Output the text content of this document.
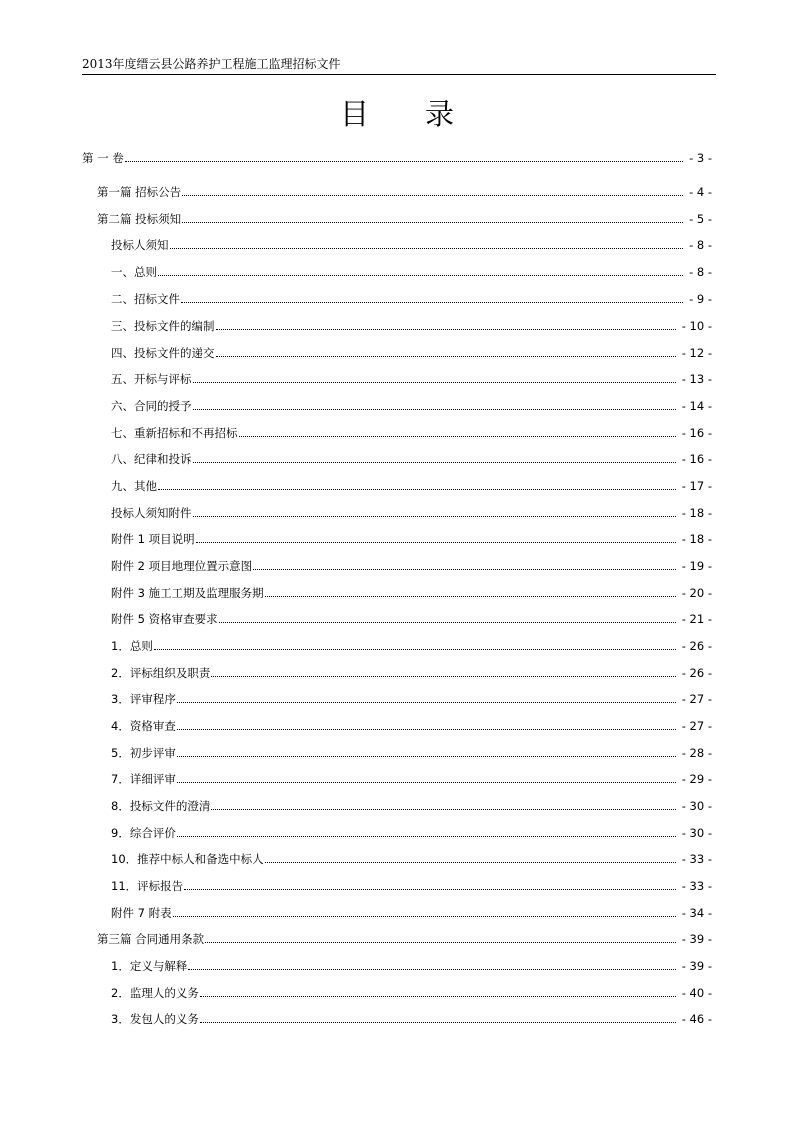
2013年度缙云县公路养护工程施工监理招标文件
目录
第 一 卷	- 3 -
第一篇 招标公告	- 4 -
第二篇 投标须知	- 5 -
投标人须知	- 8 -
一、总则	- 8 -
二、招标文件	- 9 -
三、投标文件的编制	- 10 -
四、投标文件的递交	- 12 -
五、开标与评标	- 13 -
六、合同的授予	- 14 -
七、重新招标和不再招标	- 16 -
八、纪律和投诉	- 16 -
九、其他	- 17 -
投标人须知附件	- 18 -
附件 1 项目说明	- 18 -
附件 2 项目地理位置示意图	- 19 -
附件 3 施工工期及监理服务期	- 20 -
附件 5 资格审查要求	- 21 -
1．总则	- 26 -
2．评标组织及职责	- 26 -
3．评审程序	- 27 -
4．资格审查	- 27 -
5．初步评审	- 28 -
7．详细评审	- 29 -
8．投标文件的澄清	- 30 -
9．综合评价	- 30 -
10．推荐中标人和备选中标人	- 33 -
11．评标报告	- 33 -
附件 7 附表	- 34 -
第三篇 合同通用条款	- 39 -
1．定义与解释	- 39 -
2．监理人的义务	- 40 -
3．发包人的义务	- 46 -
